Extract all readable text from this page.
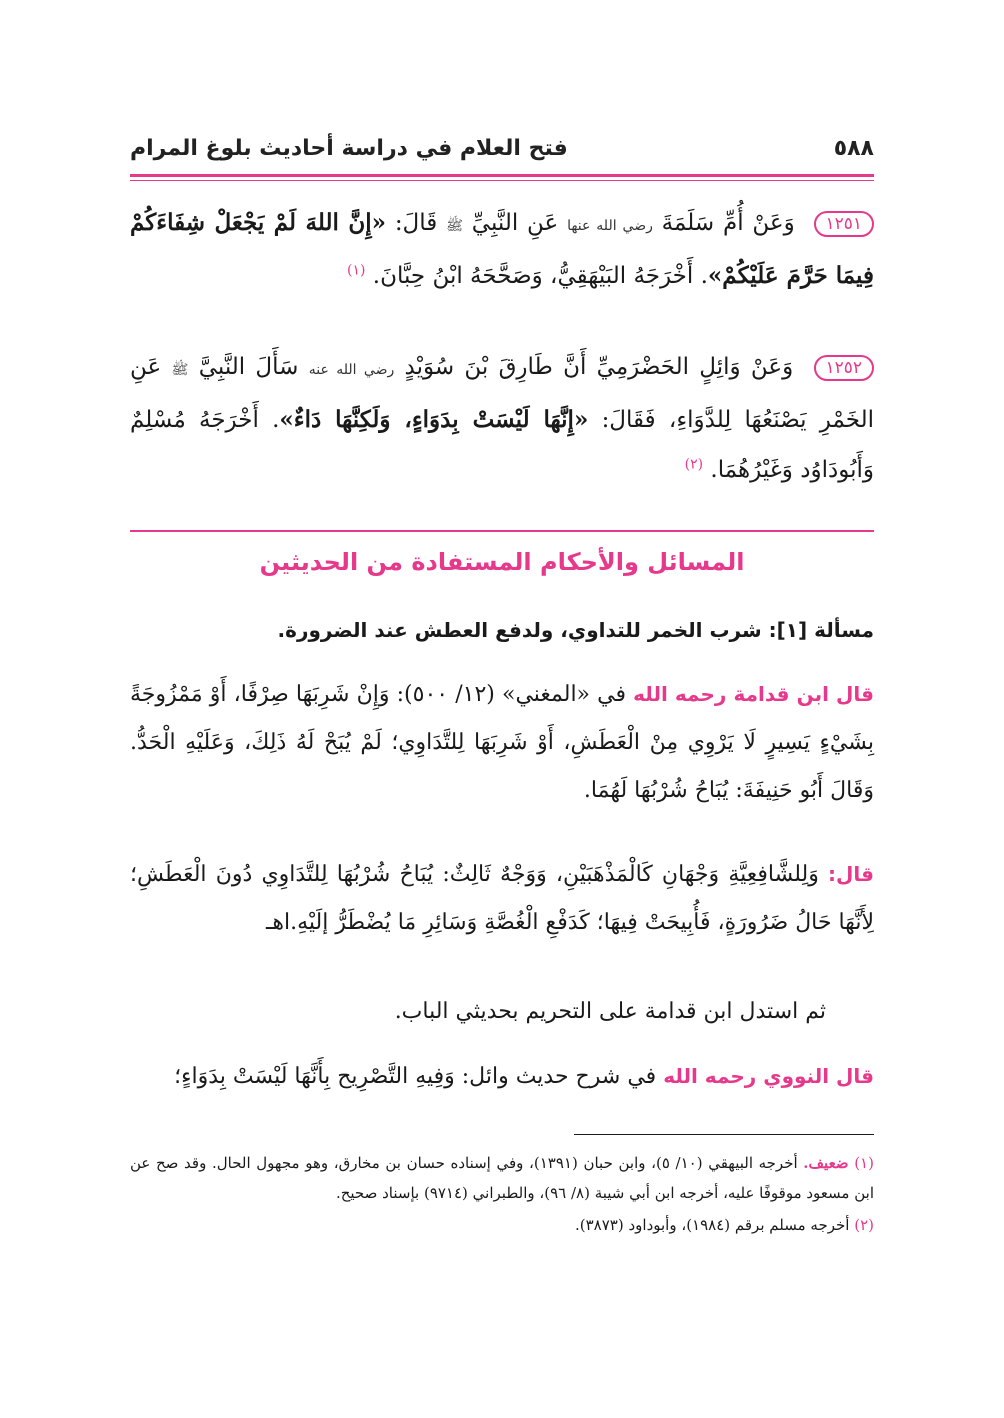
٥٨٨
فتح العلام في دراسة أحاديث بلوغ المرام
١٢٥١ وَعَنْ أُمِّ سَلَمَةَ رضي الله عنها عَنِ النَّبِيِّ ﷺ قَالَ: «إِنَّ اللهَ لَمْ يَجْعَلْ شِفَاءَكُمْ فِيمَا حَرَّمَ عَلَيْكُمْ». أَخْرَجَهُ البَيْهَقِيُّ، وَصَحَّحَهُ ابْنُ حِبَّانَ. $^{(١)}$
١٢٥٢ وَعَنْ وَائِلٍ الحَضْرَمِيِّ أَنَّ طَارِقَ بْنَ سُوَيْدٍ رضي الله عنه سَأَلَ النَّبِيَّ ﷺ عَنِ الخَمْرِ يَصْنَعُهَا لِلدَّوَاءِ، فَقَالَ: «إِنَّهَا لَيْسَتْ بِدَوَاءٍ، وَلَكِنَّهَا دَاءٌ». أَخْرَجَهُ مُسْلِمٌ وَأَبُودَاوُد وَغَيْرُهُمَا. $^{(٢)}$
المسائل والأحكام المستفادة من الحديثين
مسألة [١]: شرب الخمر للتداوي، ولدفع العطش عند الضرورة.
قال ابن قدامة رحمه الله في «المغني» (١٢/ ٥٠٠): وَإِنْ شَرِبَهَا صِرْفًا، أَوْ مَمْزُوجَةً بِشَيْءٍ يَسِيرٍ لَا يَرْوِي مِنْ الْعَطَشِ، أَوْ شَرِبَهَا لِلتَّدَاوِي؛ لَمْ يُبَحْ لَهُ ذَلِكَ، وَعَلَيْهِ الْحَدُّ. وَقَالَ أَبُو حَنِيفَةَ: يُبَاحُ شُرْبُهَا لَهُمَا.
قال: وَلِلشَّافِعِيَّةِ وَجْهَانِ كَالْمَذْهَبَيْنِ، وَوَجْهٌ ثَالِثٌ: يُبَاحُ شُرْبُهَا لِلتَّدَاوِي دُونَ الْعَطَشِ؛ لِأَنَّهَا حَالُ ضَرُورَةٍ، فَأُبِيحَتْ فِيهَا؛ كَدَفْعِ الْغُصَّةِ وَسَائِرِ مَا يُضْطَرُّ إلَيْهِ.اهـ
ثم استدل ابن قدامة على التحريم بحديثي الباب.
قال النووي رحمه الله في شرح حديث وائل: وَفِيهِ التَّصْرِيح بِأَنَّهَا لَيْسَتْ بِدَوَاءٍ؛

(١) ضعيف. أخرجه البيهقي (١٠/ ٥)، وابن حبان (١٣٩١)، وفي إسناده حسان بن مخارق، وهو مجهول الحال. وقد صح عن ابن مسعود موقوفًا عليه، أخرجه ابن أبي شيبة (٨/ ٩٦)، والطبراني (٩٧١٤) بإسناد صحيح.

(٢) أخرجه مسلم برقم (١٩٨٤)، وأبوداود (٣٨٧٣).
